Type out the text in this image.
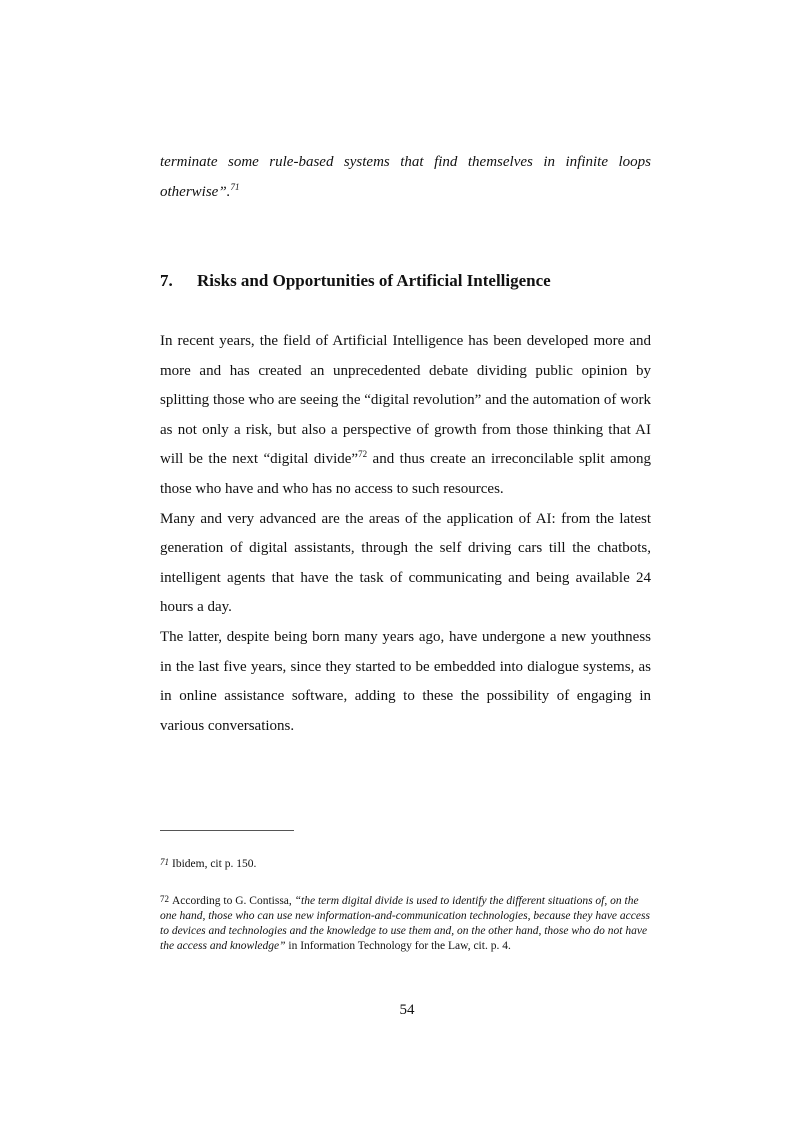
terminate some rule-based systems that find themselves in infinite loops otherwise”.$^{71}$
7.	Risks and Opportunities of Artificial Intelligence

In recent years, the field of Artificial Intelligence has been developed more and more and has created an unprecedented debate dividing public opinion by splitting those who are seeing the “digital revolution” and the automation of work as not only a risk, but also a perspective of growth from those thinking that AI will be the next “digital divide”$^{72}$ and thus create an irreconcilable split among those who have and who has no access to such resources.

Many and very advanced are the areas of the application of AI: from the latest generation of digital assistants, through the self driving cars till the chatbots, intelligent agents that have the task of communicating and being available 24 hours a day.

The latter, despite being born many years ago, have undergone a new youthness in the last five years, since they started to be embedded into dialogue systems, as in online assistance software, adding to these the possibility of engaging in various conversations.

71 Ibidem, cit p. 150.

72 According to G. Contissa, “the term digital divide is used to identify the different situations of, on the one hand, those who can use new information-and-communication technologies, because they have access to devices and technologies and the knowledge to use them and, on the other hand, those who do not have the access and knowledge” in Information Technology for the Law, cit. p. 4.

54
